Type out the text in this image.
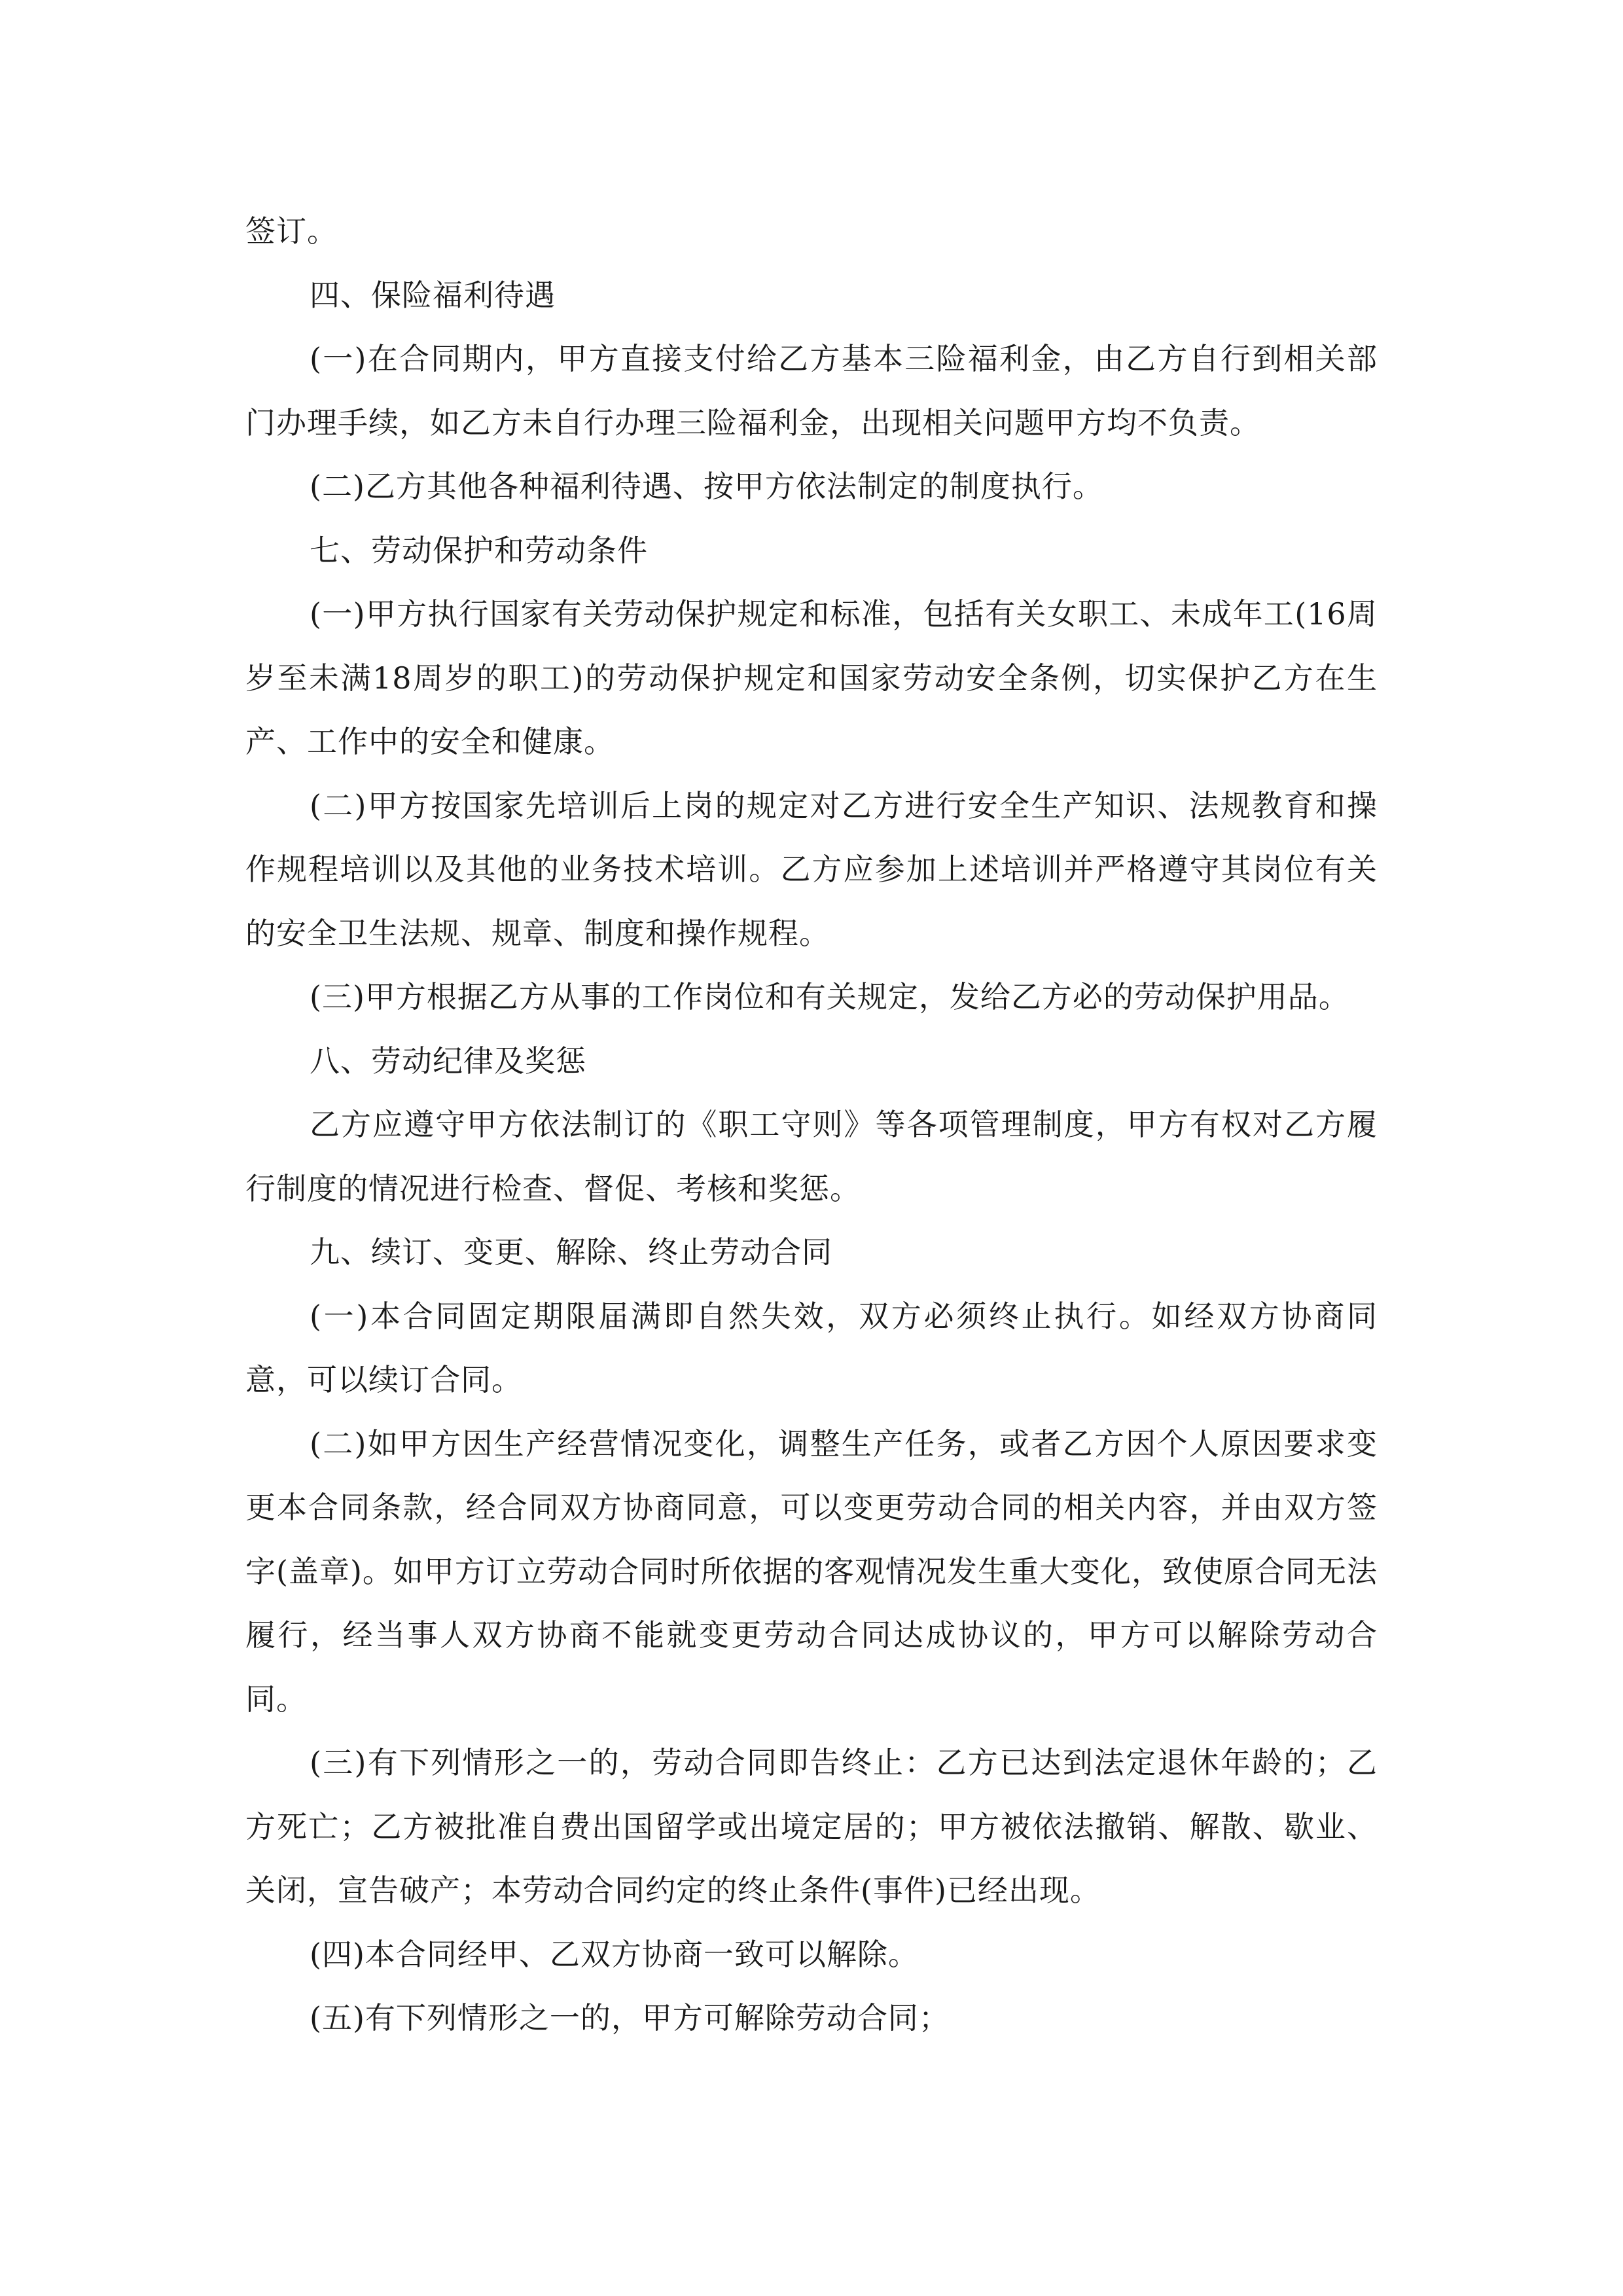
签订。

四、保险福利待遇

(一)在合同期内，甲方直接支付给乙方基本三险福利金，由乙方自行到相关部门办理手续，如乙方未自行办理三险福利金，出现相关问题甲方均不负责。

(二)乙方其他各种福利待遇、按甲方依法制定的制度执行。

七、劳动保护和劳动条件

(一)甲方执行国家有关劳动保护规定和标准，包括有关女职工、未成年工(16周岁至未满18周岁的职工)的劳动保护规定和国家劳动安全条例，切实保护乙方在生产、工作中的安全和健康。

(二)甲方按国家先培训后上岗的规定对乙方进行安全生产知识、法规教育和操作规程培训以及其他的业务技术培训。乙方应参加上述培训并严格遵守其岗位有关的安全卫生法规、规章、制度和操作规程。

(三)甲方根据乙方从事的工作岗位和有关规定，发给乙方必的劳动保护用品。

八、劳动纪律及奖惩

乙方应遵守甲方依法制订的《职工守则》等各项管理制度，甲方有权对乙方履行制度的情况进行检查、督促、考核和奖惩。

九、续订、变更、解除、终止劳动合同

(一)本合同固定期限届满即自然失效，双方必须终止执行。如经双方协商同意，可以续订合同。

(二)如甲方因生产经营情况变化，调整生产任务，或者乙方因个人原因要求变更本合同条款，经合同双方协商同意，可以变更劳动合同的相关内容，并由双方签字(盖章)。如甲方订立劳动合同时所依据的客观情况发生重大变化，致使原合同无法履行，经当事人双方协商不能就变更劳动合同达成协议的，甲方可以解除劳动合同。

(三)有下列情形之一的，劳动合同即告终止：乙方已达到法定退休年龄的；乙方死亡；乙方被批准自费出国留学或出境定居的；甲方被依法撤销、解散、歇业、关闭，宣告破产；本劳动合同约定的终止条件(事件)已经出现。

(四)本合同经甲、乙双方协商一致可以解除。

(五)有下列情形之一的，甲方可解除劳动合同；
